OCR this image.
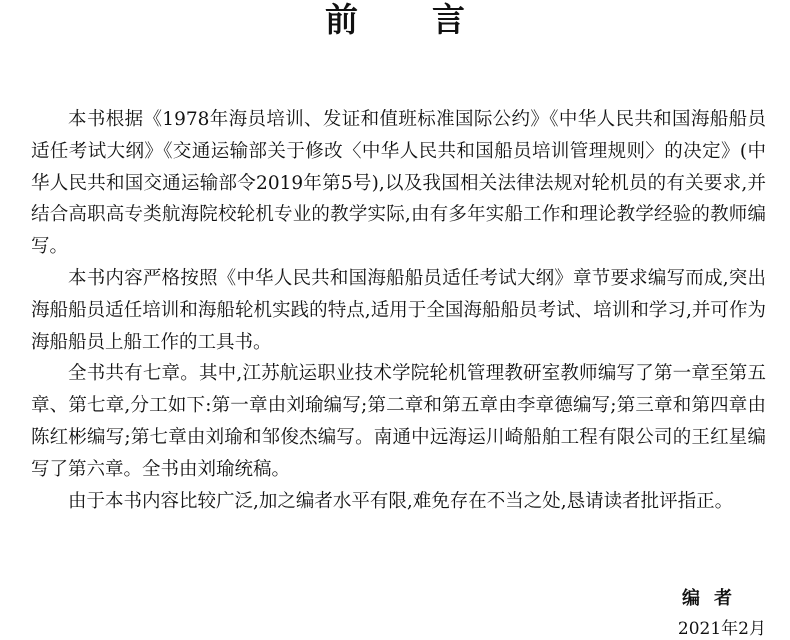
前言

本书根据《1978年海员培训、发证和值班标准国际公约》《中华人民共和国海船船员适任考试大纲》《交通运输部关于修改〈中华人民共和国船员培训管理规则〉的决定》(中华人民共和国交通运输部令2019年第5号),以及我国相关法律法规对轮机员的有关要求,并结合高职高专类航海院校轮机专业的教学实际,由有多年实船工作和理论教学经验的教师编写。

本书内容严格按照《中华人民共和国海船船员适任考试大纲》章节要求编写而成,突出海船船员适任培训和海船轮机实践的特点,适用于全国海船船员考试、培训和学习,并可作为海船船员上船工作的工具书。

全书共有七章。其中,江苏航运职业技术学院轮机管理教研室教师编写了第一章至第五章、第七章,分工如下:第一章由刘瑜编写;第二章和第五章由李章德编写;第三章和第四章由陈红彬编写;第七章由刘瑜和邹俊杰编写。南通中远海运川崎船舶工程有限公司的王红星编写了第六章。全书由刘瑜统稿。

由于本书内容比较广泛,加之编者水平有限,难免存在不当之处,恳请读者批评指正。

编者
2021年2月
